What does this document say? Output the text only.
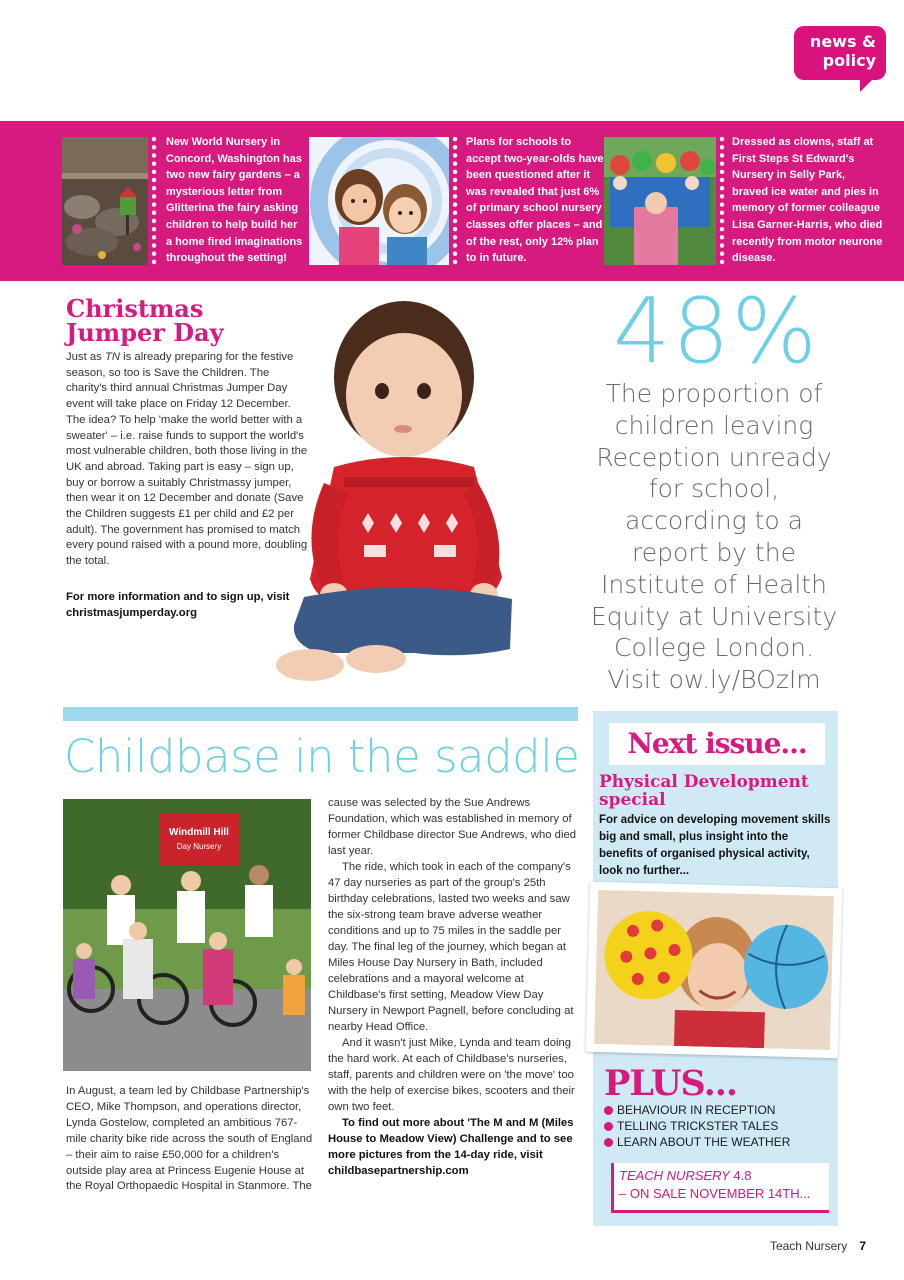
news &
policy
New World Nursery in Concord, Washington has two new fairy gardens – a mysterious letter from Glitterina the fairy asking children to help build her a home fired imaginations throughout the setting!
Plans for schools to accept two-year-olds have been questioned after it was revealed that just 6% of primary school nursery classes offer places – and of the rest, only 12% plan to in future.
Dressed as clowns, staff at First Steps St Edward's Nursery in Selly Park, braved ice water and pies in memory of former colleague Lisa Garner-Harris, who died recently from motor neurone disease.
Christmas Jumper Day
Just as TN is already preparing for the festive season, so too is Save the Children. The charity's third annual Christmas Jumper Day event will take place on Friday 12 December. The idea? To help 'make the world better with a sweater' – i.e. raise funds to support the world's most vulnerable children, both those living in the UK and abroad. Taking part is easy – sign up, buy or borrow a suitably Christmassy jumper, then wear it on 12 December and donate (Save the Children suggests £1 per child and £2 per adult). The government has promised to match every pound raised with a pound more, doubling the total.
For more information and to sign up, visit christmasjumperday.org
48%
The proportion of children leaving Reception unready for school, according to a report by the Institute of Health Equity at University College London. Visit ow.ly/BOzIm
Childbase in the saddle
Windmill Hill
Day Nursery
In August, a team led by Childbase Partnership's CEO, Mike Thompson, and operations director, Lynda Gostelow, completed an ambitious 767-mile charity bike ride across the south of England – their aim to raise £50,000 for a children's outside play area at Princess Eugenie House at the Royal Orthopaedic Hospital in Stanmore. The

cause was selected by the Sue Andrews Foundation, which was established in memory of former Childbase director Sue Andrews, who died last year.

The ride, which took in each of the company's 47 day nurseries as part of the group's 25th birthday celebrations, lasted two weeks and saw the six-strong team brave adverse weather conditions and up to 75 miles in the saddle per day. The final leg of the journey, which began at Miles House Day Nursery in Bath, included celebrations and a mayoral welcome at Childbase's first setting, Meadow View Day Nursery in Newport Pagnell, before concluding at nearby Head Office.

And it wasn't just Mike, Lynda and team doing the hard work. At each of Childbase's nurseries, staff, parents and children were on 'the move' too with the help of exercise bikes, scooters and their own two feet.

To find out more about 'The M and M (Miles House to Meadow View) Challenge and to see more pictures from the 14-day ride, visit childbasepartnership.com

Next issue...
Physical Development special
For advice on developing movement skills big and small, plus insight into the benefits of organised physical activity, look no further...
PLUS...
BEHAVIOUR IN RECEPTION
TELLING TRICKSTER TALES
LEARN ABOUT THE WEATHER
TEACH NURSERY 4.8
– ON SALE NOVEMBER 14TH...
Teach Nursery 7
